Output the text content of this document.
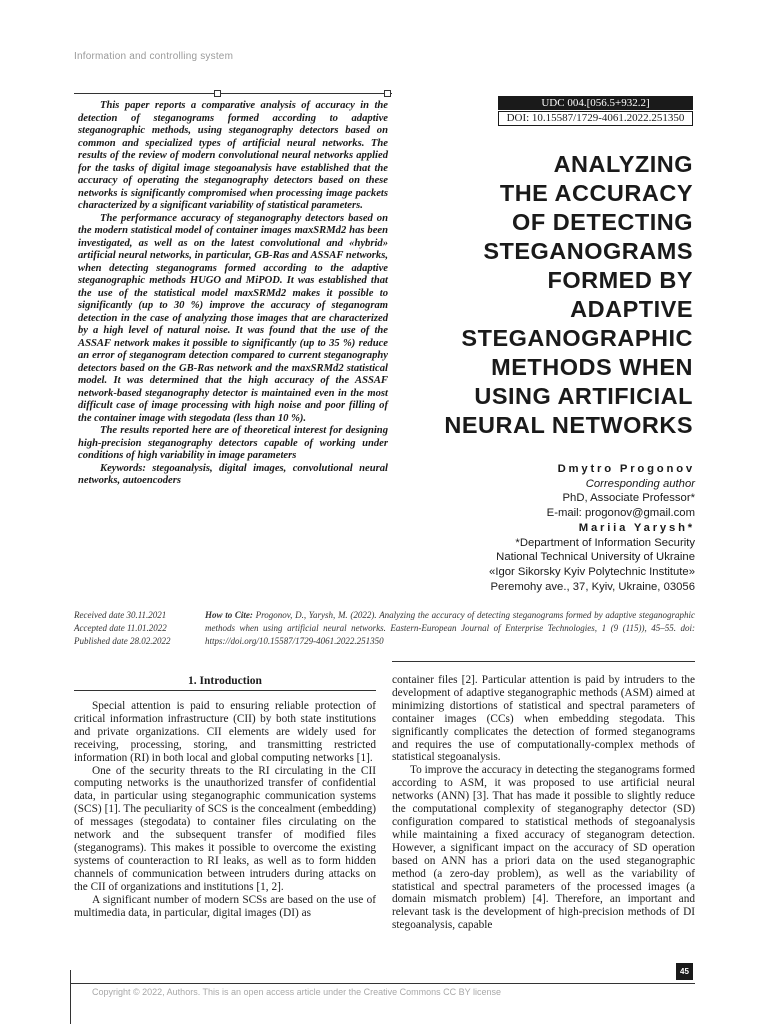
Information and controlling system

This paper reports a comparative analysis of accuracy in the detection of steganograms formed according to adaptive steganographic methods, using steganography detectors based on common and specialized types of artificial neural networks. The results of the review of modern convolutional neural networks applied for the tasks of digital image stegoanalysis have established that the accuracy of operating the steganography detectors based on these networks is significantly compromised when processing image packets characterized by a significant variability of statistical parameters.

The performance accuracy of steganography detectors based on the modern statistical model of container images maxSRMd2 has been investigated, as well as on the latest convolutional and «hybrid» artificial neural networks, in particular, GB-Ras and ASSAF networks, when detecting steganograms formed according to the adaptive steganographic methods HUGO and MiPOD. It was established that the use of the statistical model maxSRMd2 makes it possible to significantly (up to 30 %) improve the accuracy of steganogram detection in the case of analyzing those images that are characterized by a high level of natural noise. It was found that the use of the ASSAF network makes it possible to significantly (up to 35 %) reduce an error of steganogram detection compared to current steganography detectors based on the GB-Ras network and the maxSRMd2 statistical model. It was determined that the high accuracy of the ASSAF network-based steganography detector is maintained even in the most difficult case of image processing with high noise and poor filling of the container image with stegodata (less than 10 %).

The results reported here are of theoretical interest for designing high-precision steganography detectors capable of working under conditions of high variability in image parameters

Keywords: stegoanalysis, digital images, convolutional neural networks, autoencoders

UDC 004.[056.5+932.2]
DOI: 10.15587/1729-4061.2022.251350
ANALYZING
THE ACCURACY
OF DETECTING
STEGANOGRAMS
FORMED BY
ADAPTIVE
STEGANOGRAPHIC
METHODS WHEN
USING ARTIFICIAL
NEURAL NETWORKS
Dmytro Progonov
Corresponding author
PhD, Associate Professor*
E-mail: progonov@gmail.com
Mariia Yarysh*
*Department of Information Security
National Technical University of Ukraine
«Igor Sikorsky Kyiv Polytechnic Institute»
Peremohy ave., 37, Kyiv, Ukraine, 03056
Received date 30.11.2021
Accepted date 11.01.2022
Published date 28.02.2022
How to Cite: Progonov, D., Yarysh, M. (2022). Analyzing the accuracy of detecting steganograms formed by adaptive steganographic methods when using artificial neural networks. Eastern-European Journal of Enterprise Technologies, 1 (9 (115)), 45–55. doi: https://doi.org/10.15587/1729-4061.2022.251350
1. Introduction

Special attention is paid to ensuring reliable protection of critical information infrastructure (CII) by both state institutions and private organizations. CII elements are widely used for receiving, processing, storing, and transmitting restricted information (RI) in both local and global computing networks [1].

One of the security threats to the RI circulating in the CII computing networks is the unauthorized transfer of confidential data, in particular using steganographic communication systems (SCS) [1]. The peculiarity of SCS is the concealment (embedding) of messages (stegodata) to container files circulating on the network and the subsequent transfer of modified files (steganograms). This makes it possible to overcome the existing systems of counteraction to RI leaks, as well as to form hidden channels of communication between intruders during attacks on the CII of organizations and institutions [1, 2].

A significant number of modern SCSs are based on the use of multimedia data, in particular, digital images (DI) as

container files [2]. Particular attention is paid by intruders to the development of adaptive steganographic methods (ASM) aimed at minimizing distortions of statistical and spectral parameters of container images (CCs) when embedding stegodata. This significantly complicates the detection of formed steganograms and requires the use of computationally-complex methods of statistical stegoanalysis.

To improve the accuracy in detecting the steganograms formed according to ASM, it was proposed to use artificial neural networks (ANN) [3]. That has made it possible to slightly reduce the computational complexity of steganography detector (SD) configuration compared to statistical methods of stegoanalysis while maintaining a fixed accuracy of steganogram detection. However, a significant impact on the accuracy of SD operation based on ANN has a priori data on the used steganographic method (a zero-day problem), as well as the variability of statistical and spectral parameters of the processed images (a domain mismatch problem) [4]. Therefore, an important and relevant task is the development of high-precision methods of DI stegoanalysis, capable

45
Copyright © 2022, Authors. This is an open access article under the Creative Commons CC BY license
